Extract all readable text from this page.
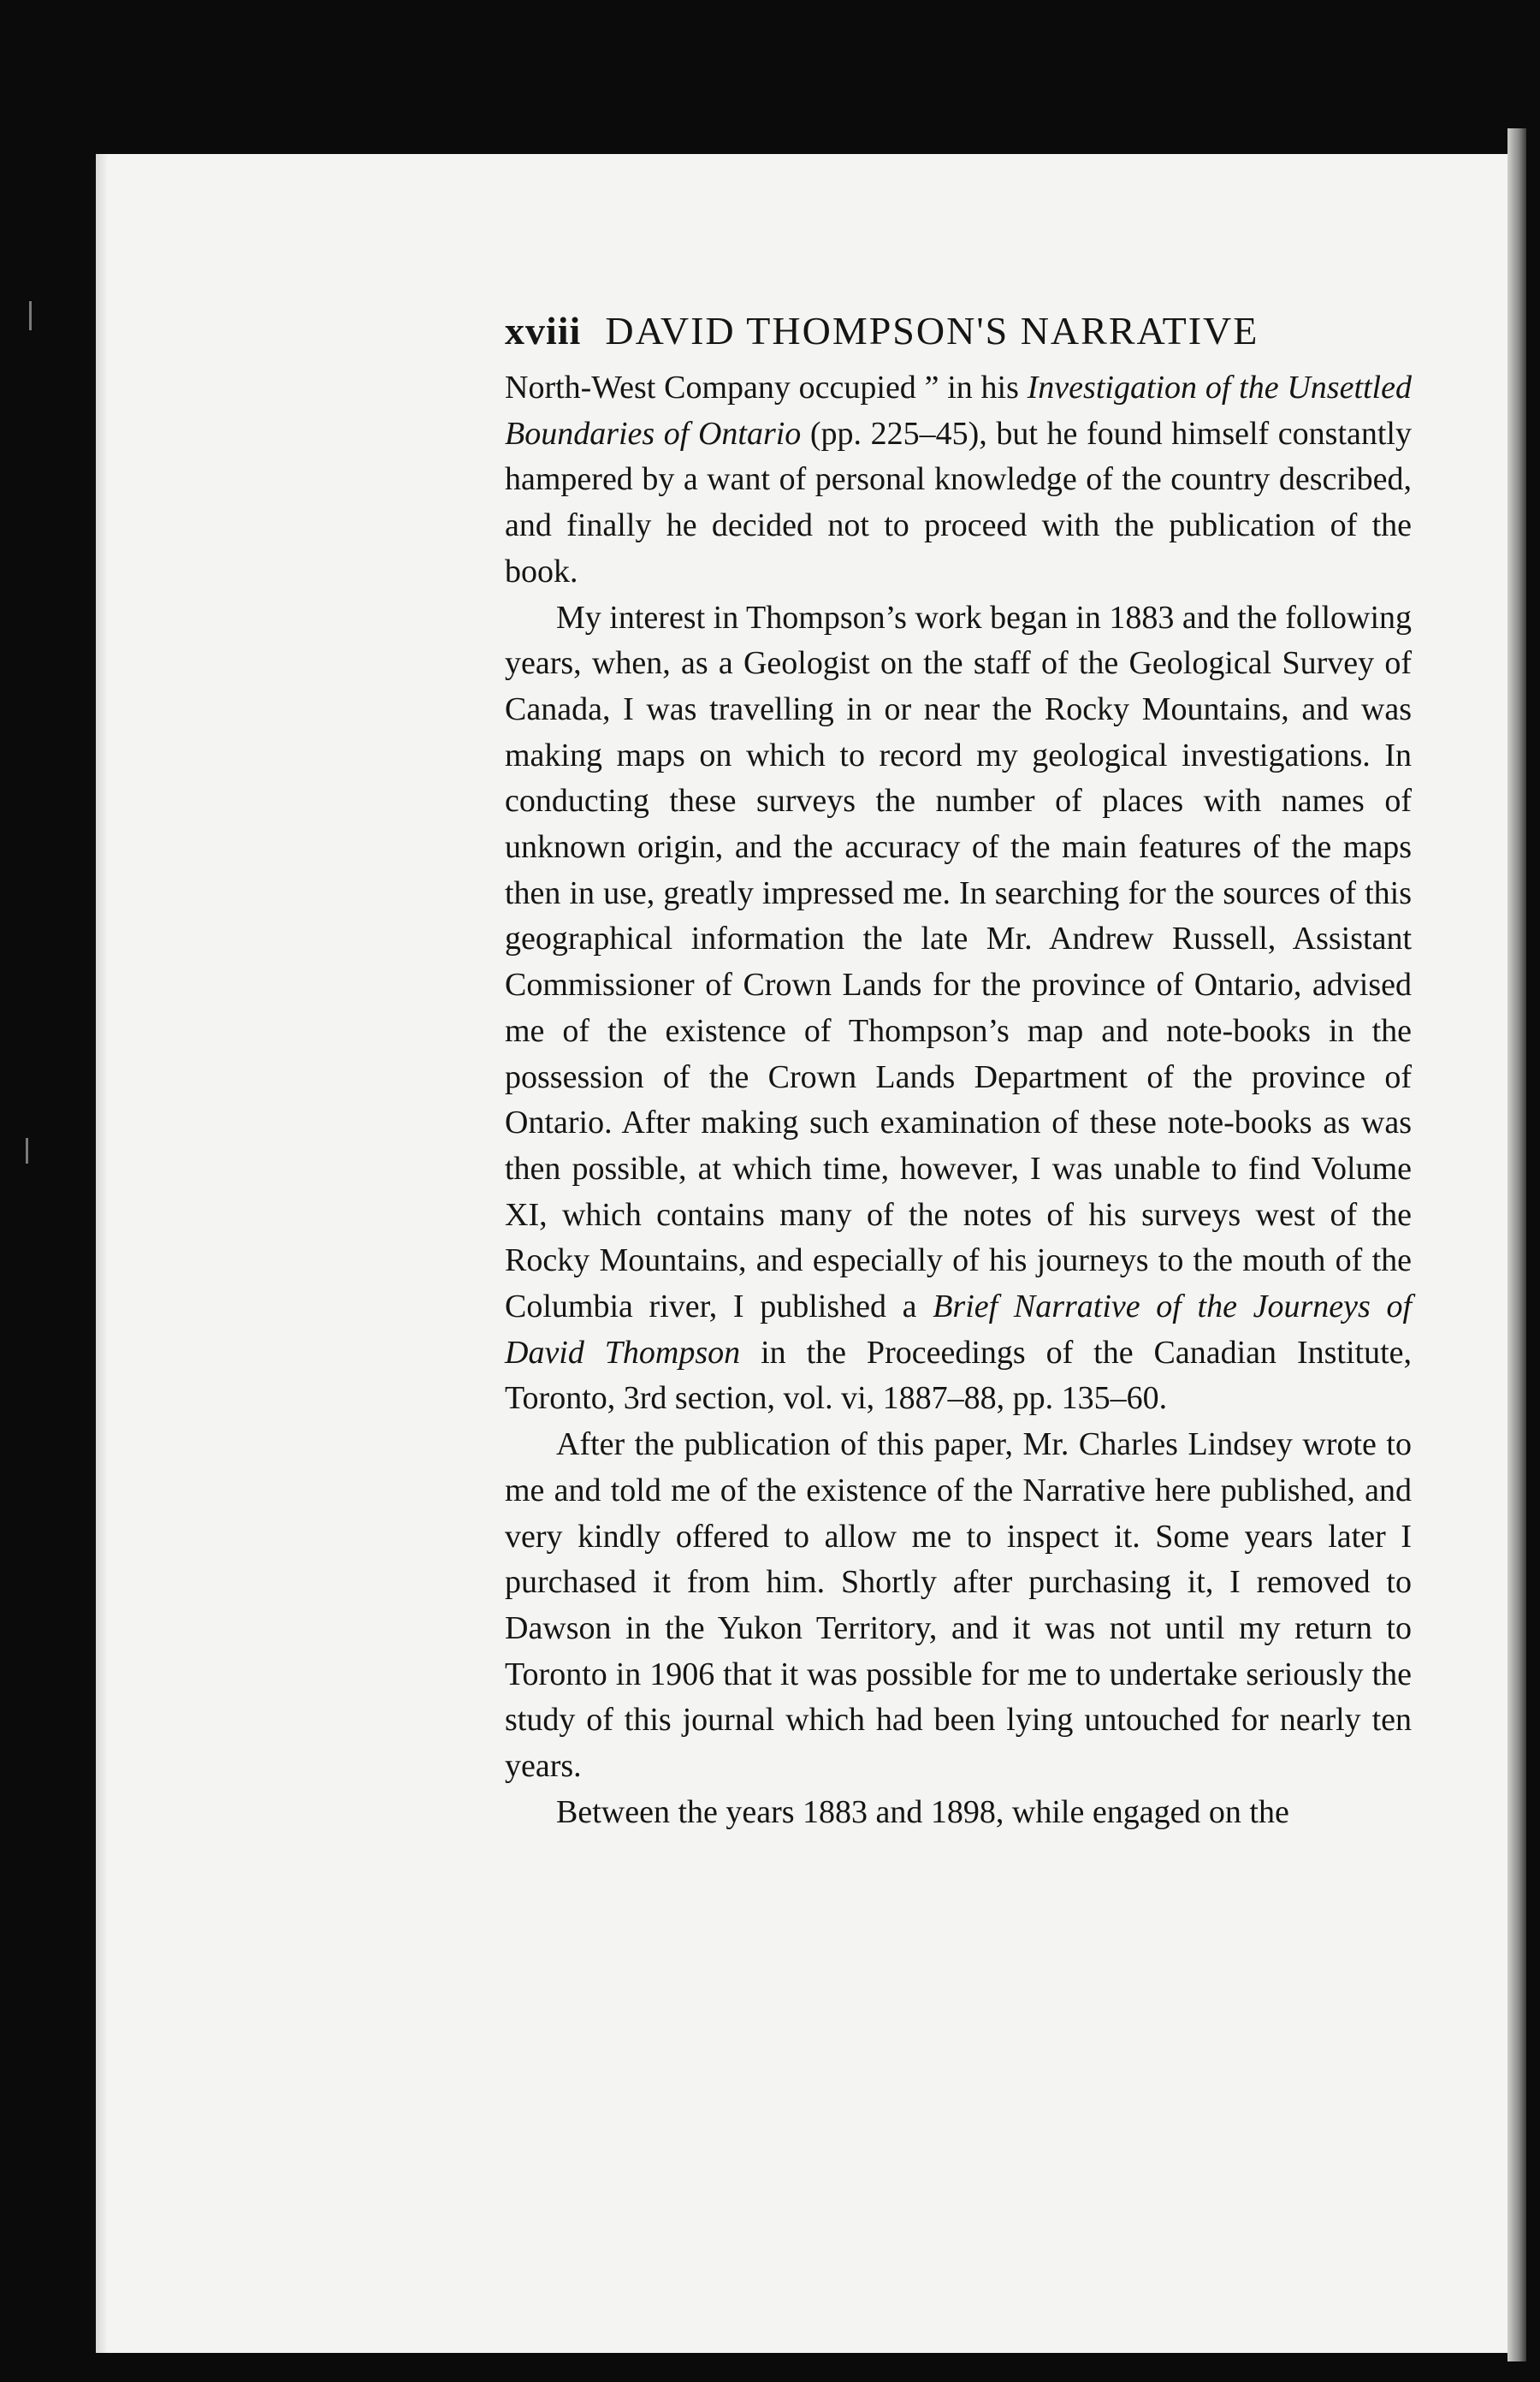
xviii DAVID THOMPSON'S NARRATIVE

North-West Company occupied ” in his Investigation of the Unsettled Boundaries of Ontario (pp. 225–45), but he found himself constantly hampered by a want of personal knowledge of the country described, and finally he decided not to proceed with the publication of the book.

My interest in Thompson’s work began in 1883 and the following years, when, as a Geologist on the staff of the Geological Survey of Canada, I was travelling in or near the Rocky Mountains, and was making maps on which to record my geological investigations. In conducting these surveys the number of places with names of unknown origin, and the accuracy of the main features of the maps then in use, greatly impressed me. In searching for the sources of this geographical information the late Mr. Andrew Russell, Assistant Commissioner of Crown Lands for the province of Ontario, advised me of the existence of Thompson’s map and note-books in the possession of the Crown Lands Department of the province of Ontario. After making such examination of these note-books as was then possible, at which time, however, I was unable to find Volume XI, which contains many of the notes of his surveys west of the Rocky Mountains, and especially of his journeys to the mouth of the Columbia river, I published a Brief Narrative of the Journeys of David Thompson in the Proceedings of the Canadian Institute, Toronto, 3rd section, vol. vi, 1887–88, pp. 135–60.

After the publication of this paper, Mr. Charles Lindsey wrote to me and told me of the existence of the Narrative here published, and very kindly offered to allow me to inspect it. Some years later I purchased it from him. Shortly after purchasing it, I removed to Dawson in the Yukon Territory, and it was not until my return to Toronto in 1906 that it was possible for me to undertake seriously the study of this journal which had been lying untouched for nearly ten years.

Between the years 1883 and 1898, while engaged on the
